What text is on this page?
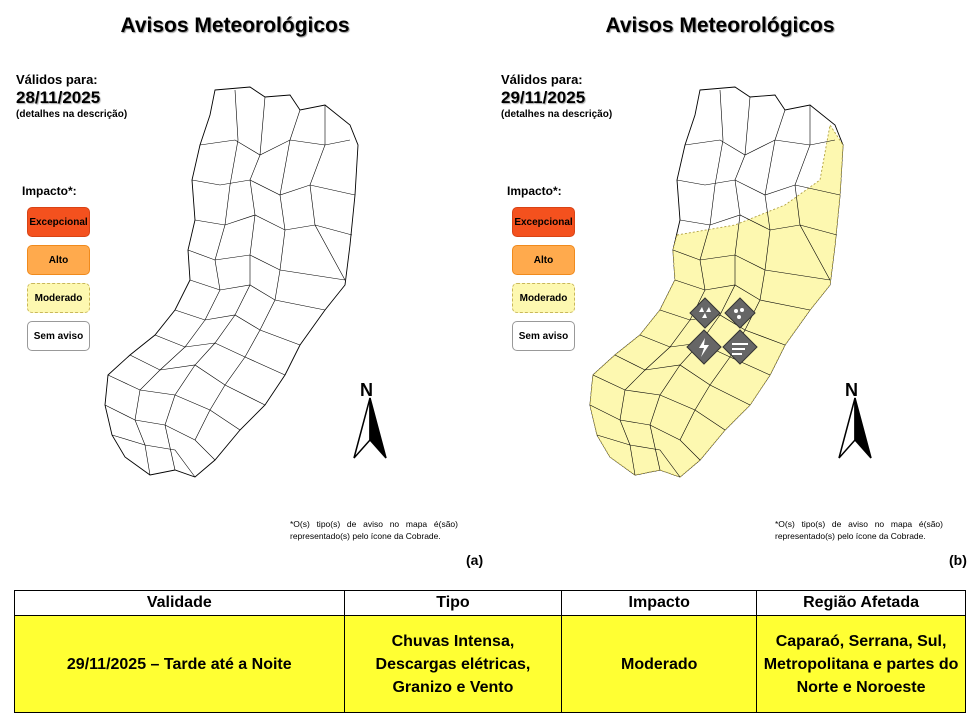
Avisos Meteorológicos
Válidos para:
28/11/2025
(detalhes na descrição)
Impacto*:
Excepcional
Alto
Moderado
Sem aviso
N
*O(s) tipo(s) de aviso no mapa é(são) representado(s) pelo ícone da Cobrade.
(a)
Avisos Meteorológicos
Válidos para:
29/11/2025
(detalhes na descrição)
Impacto*:
Excepcional
Alto
Moderado
Sem aviso
N
*O(s) tipo(s) de aviso no mapa é(são) representado(s) pelo ícone da Cobrade.
(b)
Validade	Tipo	Impacto	Região Afetada
29/11/2025 – Tarde até a Noite	Chuvas Intensa, Descargas elétricas, Granizo e Vento	Moderado	Caparaó, Serrana, Sul, Metropolitana e partes do Norte e Noroeste
